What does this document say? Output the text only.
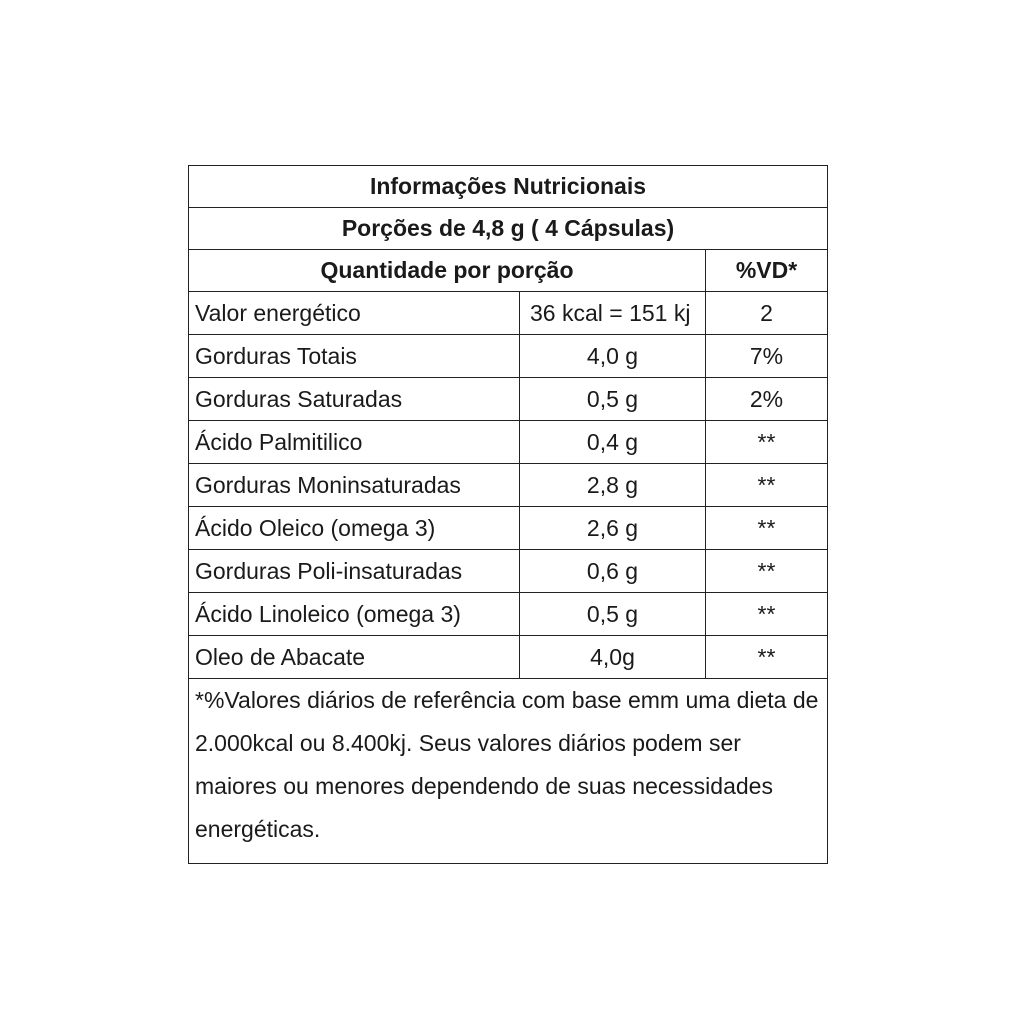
Informações Nutricionais		
Porções de 4,8 g ( 4 Cápsulas)		
Quantidade por porção		%VD*
Valor energético	36 kcal = 151 kj	2
Gorduras Totais	4,0 g	7%
Gorduras Saturadas	0,5 g	2%
Ácido Palmitilico	0,4 g	**
Gorduras Moninsaturadas	2,8 g	**
Ácido Oleico (omega 3)	2,6 g	**
Gorduras Poli-insaturadas	0,6 g	**
Ácido Linoleico (omega 3)	0,5 g	**
Oleo de Abacate	4,0g	**
*%Valores diários de referência com base emm uma dieta de 2.000kcal ou 8.400kj. Seus valores diários podem ser maiores ou menores dependendo de suas necessidades energéticas.		
